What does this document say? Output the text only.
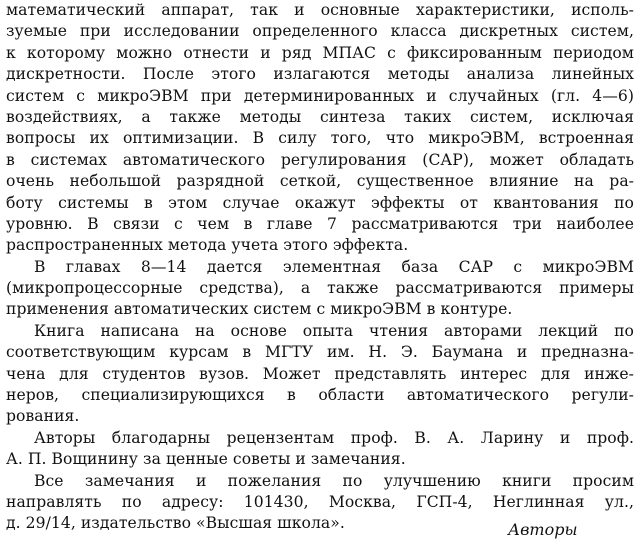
математический аппарат, так и основные характеристики, исполь-
зуемые при исследовании определенного класса дискретных систем,
к которому можно отнести и ряд МПАС с фиксированным периодом
дискретности. После этого излагаются методы анализа линейных
систем с микроЭВМ при детерминированных и случайных (гл. 4—6)
воздействиях, а также методы синтеза таких систем, исключая
вопросы их оптимизации. В силу того, что микроЭВМ, встроенная
в системах автоматического регулирования (САР), может обладать
очень небольшой разрядной сеткой, существенное влияние на ра-
боту системы в этом случае окажут эффекты от квантования по
уровню. В связи с чем в главе 7 рассматриваются три наиболее
распространенных метода учета этого эффекта.
В главах 8—14 дается элементная база САР с микроЭВМ
(микропроцессорные средства), а также рассматриваются примеры
применения автоматических систем с микроЭВМ в контуре.
Книга написана на основе опыта чтения авторами лекций по
соответствующим курсам в МГТУ им. Н. Э. Баумана и предназна-
чена для студентов вузов. Может представлять интерес для инже-
неров, специализирующихся в области автоматического регули-
рования.
Авторы благодарны рецензентам проф. В. А. Ларину и проф.
А. П. Вощинину за ценные советы и замечания.
Все замечания и пожелания по улучшению книги просим
направлять по адресу: 101430, Москва, ГСП-4, Неглинная ул.,
д. 29/14, издательство «Высшая школа».	Авторы
